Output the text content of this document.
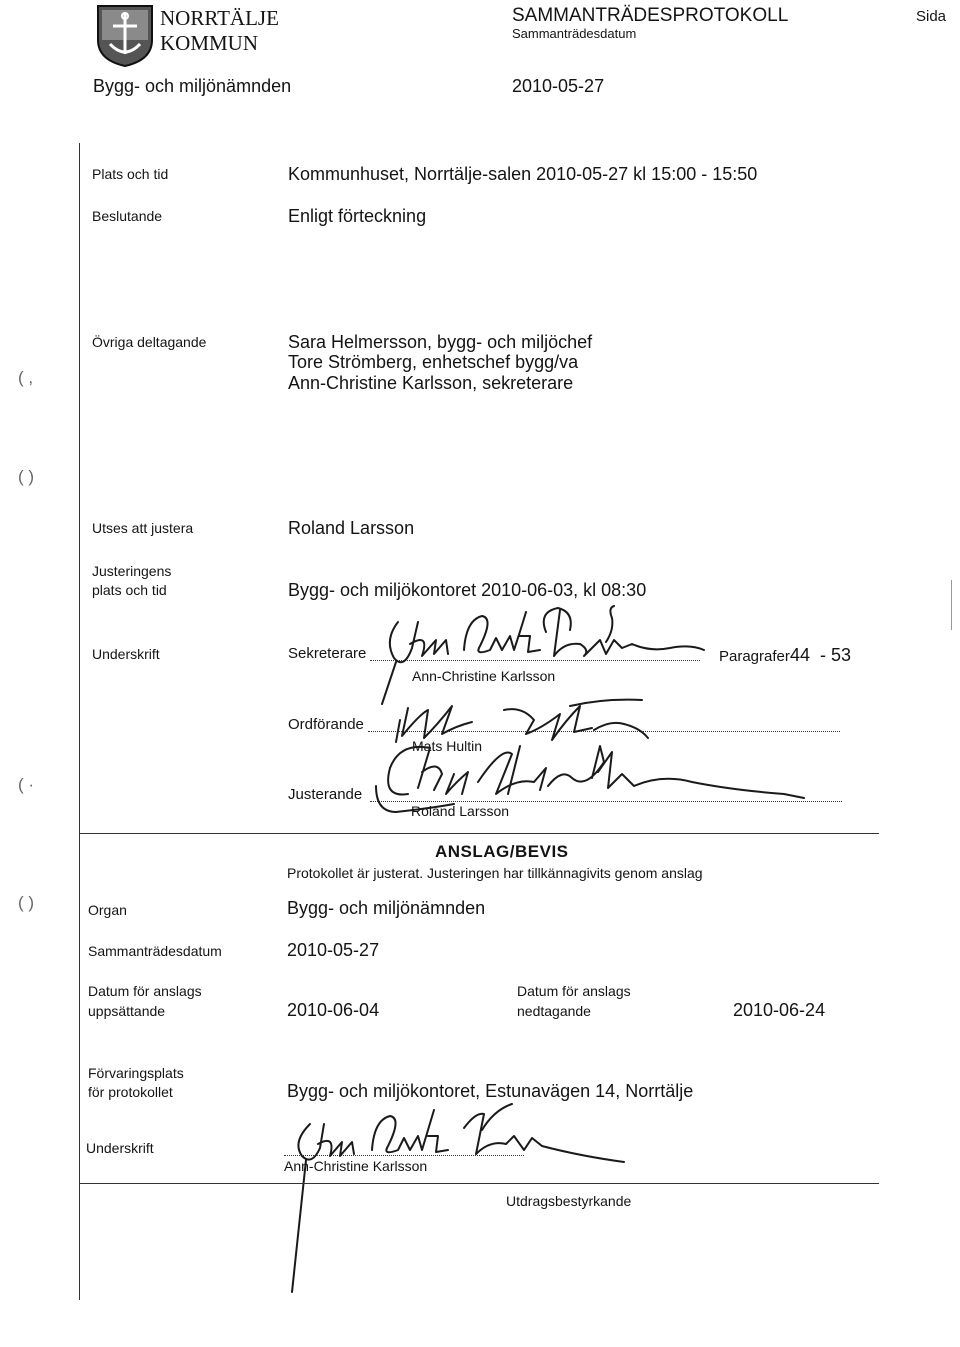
NORRTÄLJE
KOMMUN
SAMMANTRÄDESPROTOKOLL
Sammanträdesdatum
Sida
Bygg- och miljönämnden	2010-05-27
( ,
( )
( ·
( )
Plats och tid	Kommunhuset, Norrtälje-salen 2010-05-27 kl 15:00 - 15:50
Beslutande	Enligt förteckning
Övriga deltagande	Sara Helmersson, bygg- och miljöchef
Tore Strömberg, enhetschef bygg/va
Ann-Christine Karlsson, sekreterare
Utses att justera	Roland Larsson
Justeringens
plats och tid	Bygg- och miljökontoret 2010-06-03, kl 08:30
Underskrift	Sekreterare
Ann-Christine Karlsson
Paragrafer 44  - 53
Ordförande
Mats Hultin
Justerande
Roland Larsson
ANSLAG/BEVIS
Protokollet är justerat. Justeringen har tillkännagivits genom anslag
Organ	Bygg- och miljönämnden
Sammanträdesdatum	2010-05-27
Datum för anslags
uppsättande	2010-06-04
Datum för anslags
nedtagande	2010-06-24
Förvaringsplats
för protokollet	Bygg- och miljökontoret, Estunavägen 14, Norrtälje
Underskrift
Ann-Christine Karlsson
Utdragsbestyrkande
